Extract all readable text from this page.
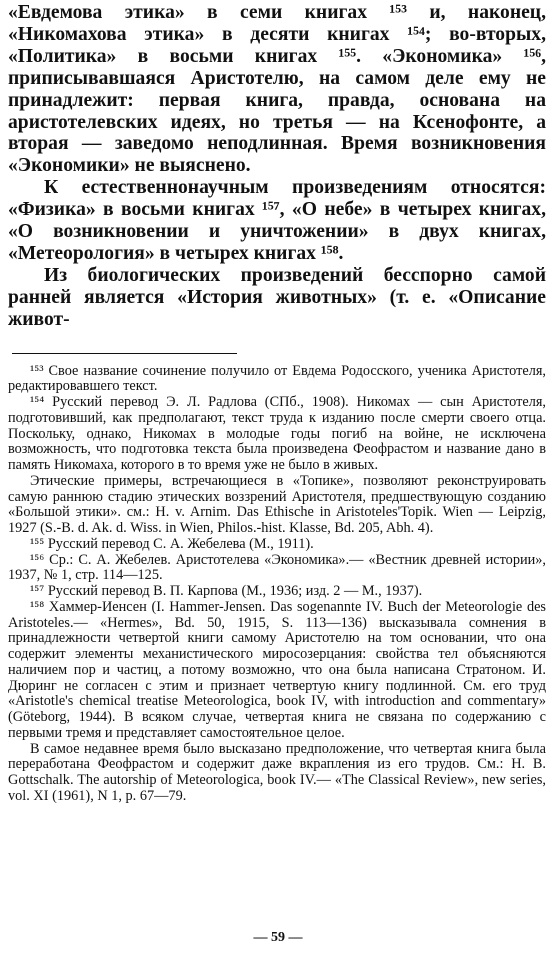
«Евдемова этика» в семи книгах ¹⁵³ и, наконец, «Никомахова этика» в десяти книгах ¹⁵⁴; во-вторых, «Политика» в восьми книгах ¹⁵⁵. «Экономика» ¹⁵⁶, приписывавшаяся Аристотелю, на самом деле ему не принадлежит: первая книга, правда, основана на аристотелевских идеях, но третья — на Ксенофонте, а вторая — заведомо неподлинная. Время возникновения «Экономики» не выяснено.

К естественнонаучным произведениям относятся: «Физика» в восьми книгах ¹⁵⁷, «О небе» в четырех книгах, «О возникновении и уничтожении» в двух книгах, «Метеорология» в четырех книгах ¹⁵⁸.

Из биологических произведений бесспорно самой ранней является «История животных» (т. е. «Описание живот-

¹⁵³ Свое название сочинение получило от Евдема Родосского, ученика Аристотеля, редактировавшего текст.

¹⁵⁴ Русский перевод Э. Л. Радлова (СПб., 1908). Никомах — сын Аристотеля, подготовивший, как предполагают, текст труда к изданию после смерти своего отца. Поскольку, однако, Никомах в молодые годы погиб на войне, не исключена возможность, что подготовка текста была произведена Феофрастом и название дано в память Никомаха, которого в то время уже не было в живых.

Этические примеры, встречающиеся в «Топике», позволяют реконструировать самую раннюю стадию этических воззрений Аристотеля, предшествующую созданию «Большой этики». см.: H. v. Arnim. Das Ethische in Aristoteles'Topik. Wien — Leipzig, 1927 (S.-B. d. Ak. d. Wiss. in Wien, Philos.-hist. Klasse, Bd. 205, Abh. 4).

¹⁵⁵ Русский перевод С. А. Жебелева (М., 1911).

¹⁵⁶ Ср.: С. А. Жебелев. Аристотелева «Экономика».— «Вестник древней истории», 1937, № 1, стр. 114—125.

¹⁵⁷ Русский перевод В. П. Карпова (М., 1936; изд. 2 — М., 1937).

¹⁵⁸ Хаммер-Иенсен (I. Hammer-Jensen. Das sogenannte IV. Buch der Meteorologie des Aristoteles.— «Hermes», Bd. 50, 1915, S. 113—136) высказывала сомнения в принадлежности четвертой книги самому Аристотелю на том основании, что она содержит элементы механистического миросозерцания: свойства тел объясняются наличием пор и частиц, а потому возможно, что она была написана Стратоном. И. Дюринг не согласен с этим и признает четвертую книгу подлинной. См. его труд «Aristotle's chemical treatise Meteorologica, book IV, with introduction and commentary» (Göteborg, 1944). В всяком случае, четвертая книга не связана по содержанию с первыми тремя и представляет самостоятельное целое.

В самое недавнее время было высказано предположение, что четвертая книга была переработана Феофрастом и содержит даже вкрапления из его трудов. См.: H. B. Gottschalk. The autorship of Meteorologica, book IV.— «The Classical Review», new series, vol. XI (1961), N 1, p. 67—79.

— 59 —
